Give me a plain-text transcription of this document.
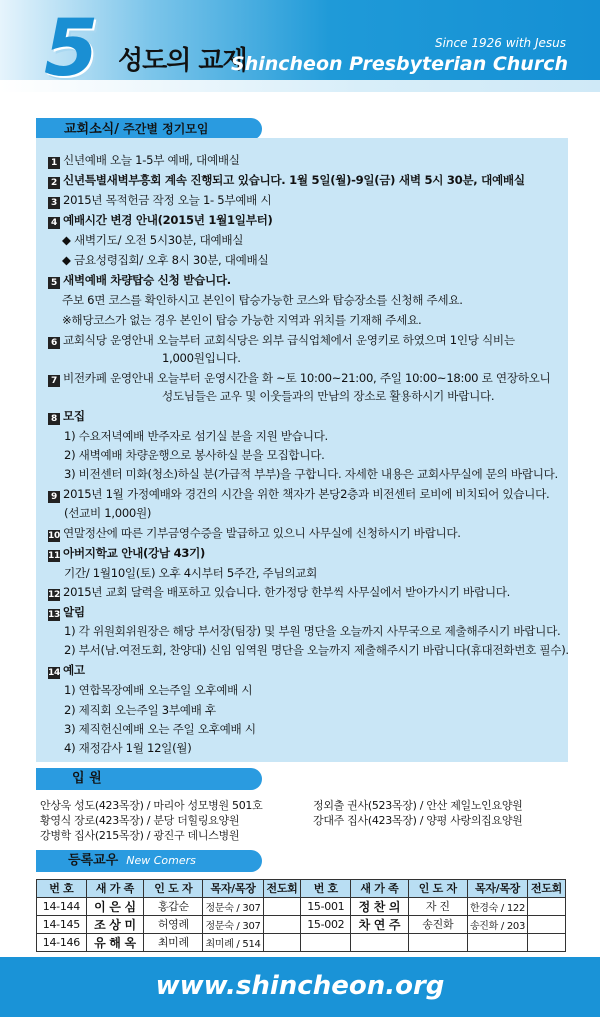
5 성도의 교제
Since 1926 with Jesus
Shincheon Presbyterian Church
교회소식/ 주간별 정기모임
1 신년예배 오늘 1-5부 예배, 대예배실
2 신년특별새벽부흥회 계속 진행되고 있습니다. 1월 5일(월)-9일(금) 새벽 5시 30분, 대예배실
3 2015년 목적헌금 작정 오늘 1- 5부예배 시
4 예배시간 변경 안내(2015년 1월1일부터)
◆ 새벽기도/ 오전 5시30분, 대예배실
◆ 금요성령집회/ 오후 8시 30분, 대예배실
5 새벽예배 차량탑승 신청 받습니다.
주보 6면 코스를 확인하시고 본인이 탑승가능한 코스와 탑승장소를 신청해 주세요.
※해당코스가 없는 경우 본인이 탑승 가능한 지역과 위치를 기재해 주세요.
6 교회식당 운영안내 오늘부터 교회식당은 외부 급식업체에서 운영키로 하였으며 1인당 식비는
1,000원입니다.
7 비전카페 운영안내 오늘부터 운영시간을 화 ~토 10:00~21:00, 주일 10:00~18:00 로 연장하오니
성도님들은 교우 및 이웃들과의 만남의 장소로 활용하시기 바랍니다.
8 모집
1) 수요저녁예배 반주자로 섬기실 분을 지원 받습니다.
2) 새벽예배 차량운행으로 봉사하실 분을 모집합니다.
3) 비전센터 미화(청소)하실 분(가급적 부부)을 구합니다. 자세한 내용은 교회사무실에 문의 바랍니다.
9 2015년 1월 가정예배와 경건의 시간을 위한 책자가 본당2층과 비전센터 로비에 비치되어 있습니다.
(선교비 1,000원)
10 연말정산에 따른 기부금영수증을 발급하고 있으니 사무실에 신청하시기 바랍니다.
11 아버지학교 안내(강남 43기)
기간/ 1월10일(토) 오후 4시부터 5주간, 주님의교회
12 2015년 교회 달력을 배포하고 있습니다. 한가정당 한부씩 사무실에서 받아가시기 바랍니다.
13 알림
1) 각 위원회위원장은 해당 부서장(팀장) 및 부원 명단을 오늘까지 사무국으로 제출해주시기 바랍니다.
2) 부서(남.여전도회, 찬양대) 신임 임역원 명단을 오늘까지 제출해주시기 바랍니다(휴대전화번호 필수).
14 예고
1) 연합목장예배 오는주일 오후예배 시
2) 제직회 오는주일 3부예배 후
3) 제직헌신예배 오는 주일 오후예배 시
4) 재정감사 1월 12일(월)
입 원
안상욱 성도(423목장) / 마리아 성모병원 501호
황영식 장로(423목장) / 분당 더힐링요양원
강병학 집사(215목장) / 광진구 데니스병원
정외출 권사(523목장) / 안산 제일노인요양원
강대주 집사(423목장) / 양평 사랑의집요양원
등록교우 New Comers
번 호	새 가 족	인 도 자	목자/목장	전도회	번 호	새 가 족	인 도 자	목자/목장	전도회
14-144	이 은 심	홍갑순	정문숙 / 307		15-001	정 찬 의	자 진	한경숙 / 122	
14-145	조 상 미	허영례	정문숙 / 307		15-002	차 연 주	송진화	송진화 / 203	
14-146	유 해 옥	최미례	최미례 / 514						
www.shincheon.org
